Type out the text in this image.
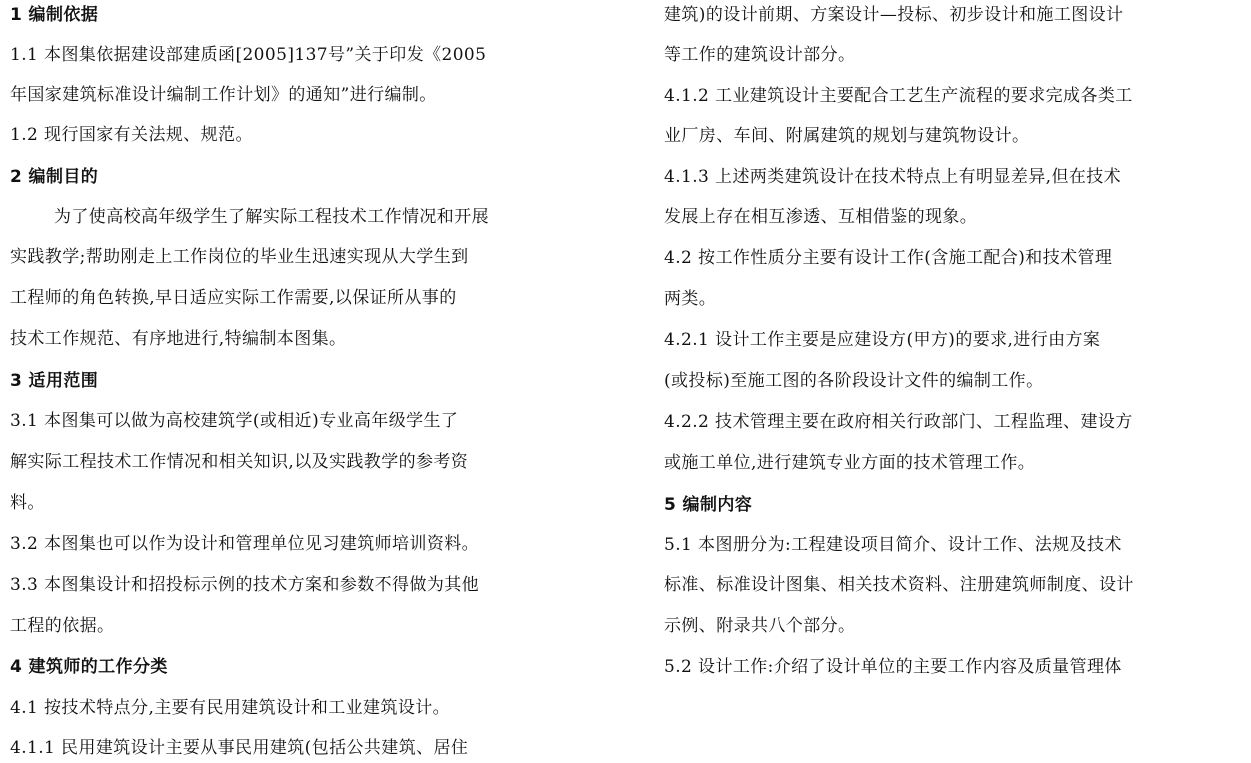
1 编制依据
1.1 本图集依据建设部建质函[2005]137号”关于印发《2005
年国家建筑标准设计编制工作计划》的通知”进行编制。
1.2 现行国家有关法规、规范。
2 编制目的
为了使高校高年级学生了解实际工程技术工作情况和开展
实践教学;帮助刚走上工作岗位的毕业生迅速实现从大学生到
工程师的角色转换,早日适应实际工作需要,以保证所从事的
技术工作规范、有序地进行,特编制本图集。
3 适用范围
3.1 本图集可以做为高校建筑学(或相近)专业高年级学生了
解实际工程技术工作情况和相关知识,以及实践教学的参考资
料。
3.2 本图集也可以作为设计和管理单位见习建筑师培训资料。
3.3 本图集设计和招投标示例的技术方案和参数不得做为其他
工程的依据。
4 建筑师的工作分类
4.1 按技术特点分,主要有民用建筑设计和工业建筑设计。
4.1.1 民用建筑设计主要从事民用建筑(包括公共建筑、居住
建筑)的设计前期、方案设计—投标、初步设计和施工图设计
等工作的建筑设计部分。
4.1.2 工业建筑设计主要配合工艺生产流程的要求完成各类工
业厂房、车间、附属建筑的规划与建筑物设计。
4.1.3 上述两类建筑设计在技术特点上有明显差异,但在技术
发展上存在相互渗透、互相借鉴的现象。
4.2 按工作性质分主要有设计工作(含施工配合)和技术管理
两类。
4.2.1 设计工作主要是应建设方(甲方)的要求,进行由方案
(或投标)至施工图的各阶段设计文件的编制工作。
4.2.2 技术管理主要在政府相关行政部门、工程监理、建设方
或施工单位,进行建筑专业方面的技术管理工作。
5 编制内容
5.1 本图册分为:工程建设项目简介、设计工作、法规及技术
标准、标准设计图集、相关技术资料、注册建筑师制度、设计
示例、附录共八个部分。
5.2 设计工作:介绍了设计单位的主要工作内容及质量管理体
